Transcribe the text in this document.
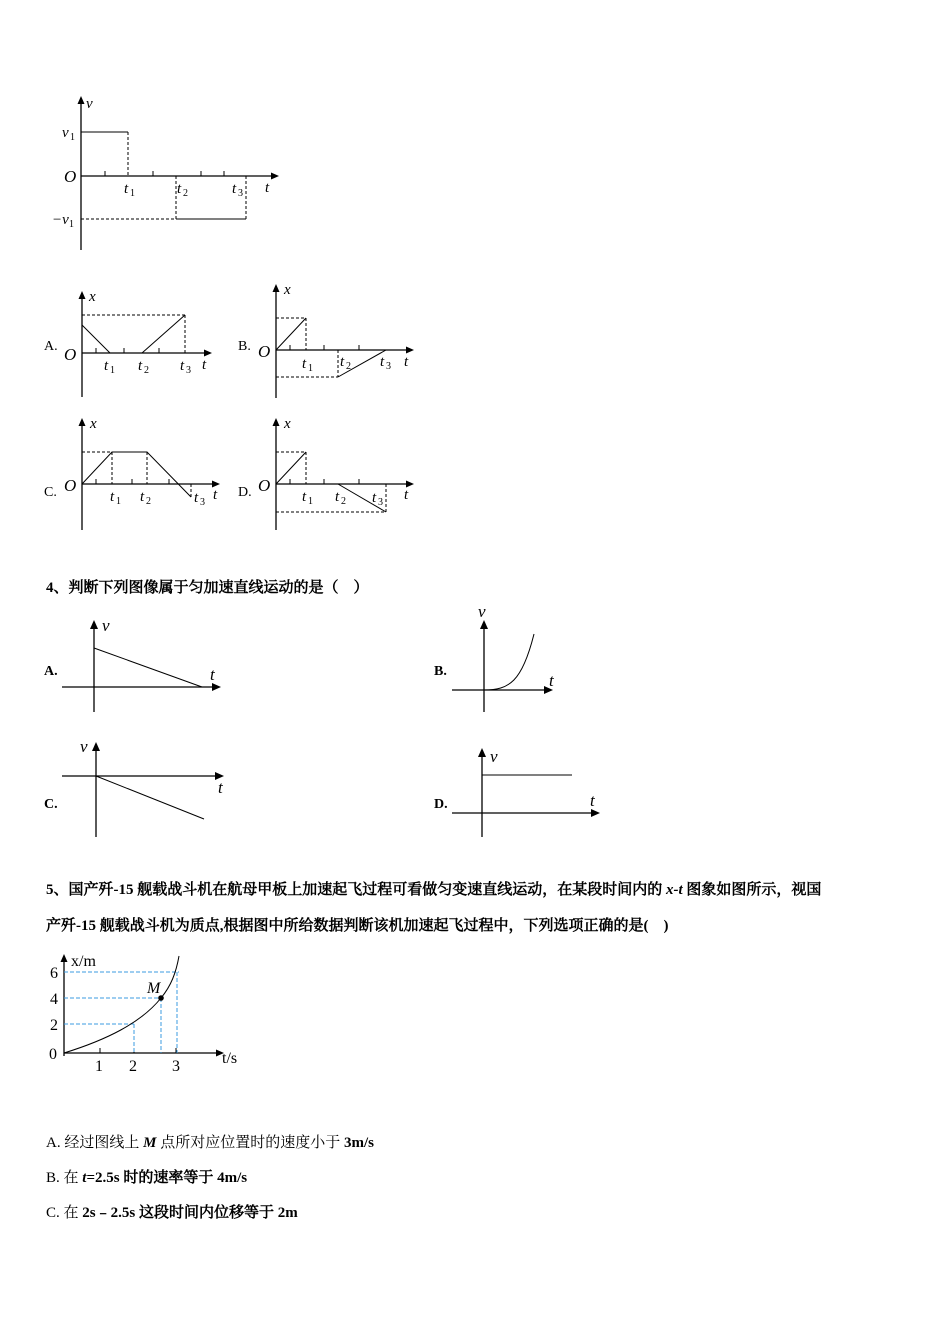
v
v 1
O
−v 1
t 1	t 2	t 3 t
A.
x
O
t 1 t 2 t 3 t
B.
x
O
t 1 t 2 t 3 t
C.
x
O
t 1 t 2	t 3 t D.
x
O
t 1 t 2 t 3 t
4、判断下列图像属于匀加速直线运动的是（　）
A.
v
t	B.
v
t
C.
v
t
D.
v
t
5、国产歼-15 舰载战斗机在航母甲板上加速起飞过程可看做匀变速直线运动，在某段时间内的 x-t 图象如图所示，视国
产歼-15 舰载战斗机为质点,根据图中所给数据判断该机加速起飞过程中，下列选项正确的是(　)
x/m
M
6
4
2
0
1 2 3	t/s
A. 经过图线上 M 点所对应位置时的速度小于 3m/s
B. 在 t=2.5s 时的速率等于 4m/s
C. 在 2s﹣2.5s 这段时间内位移等于 2m
